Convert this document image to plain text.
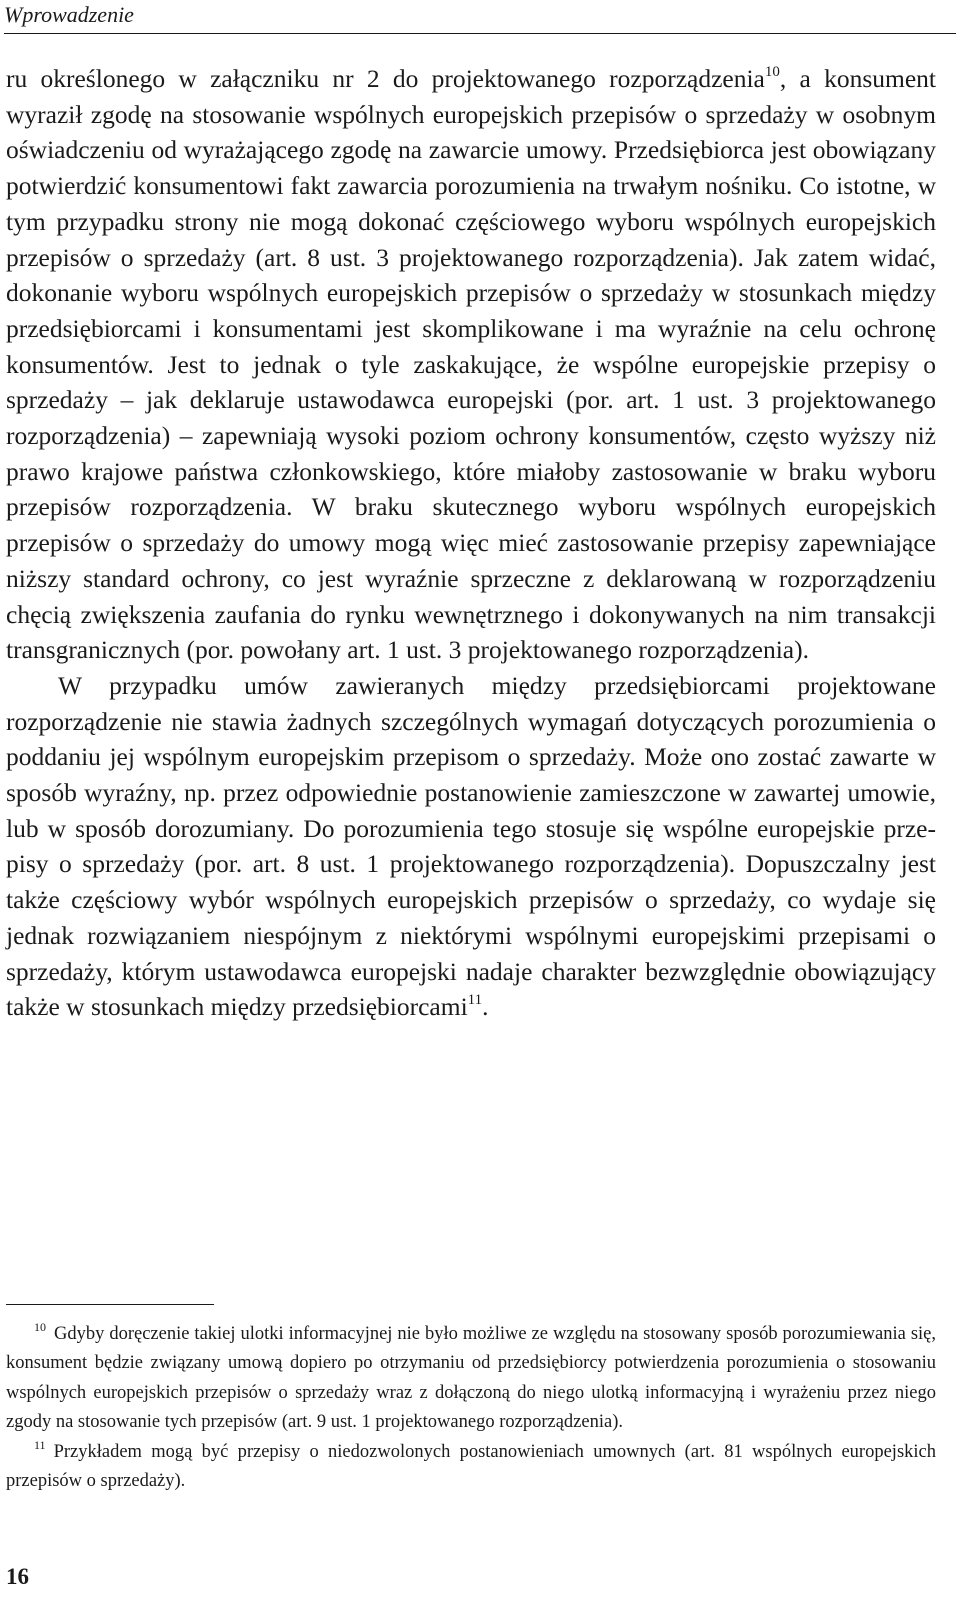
Wprowadzenie

ru określonego w załączniku nr 2 do projektowanego rozporządzenia$^{10}$, a konsument wyraził zgodę na stosowanie wspólnych europejskich przepisów o sprzedaży w osobnym oświadczeniu od wyrażającego zgodę na zawarcie umowy. Przedsiębiorca jest obowiązany potwierdzić konsumentowi fakt zawarcia porozumienia na trwałym nośniku. Co istotne, w tym przypadku strony nie mogą dokonać częściowego wyboru wspólnych europejskich przepisów o sprzedaży (art. 8 ust. 3 projektowanego rozporządzenia). Jak zatem widać, dokonanie wyboru wspólnych europejskich przepisów o sprzedaży w stosunkach między przedsiębiorcami i konsumentami jest skomplikowane i ma wyraźnie na celu ochronę konsumentów. Jest to jednak o tyle zaskakujące, że wspólne europejskie przepisy o sprzedaży – jak deklaruje ustawodawca europejski (por. art. 1 ust. 3 projektowanego rozporządzenia) – zapewniają wysoki poziom ochrony konsumentów, często wyższy niż prawo krajowe państwa członkowskiego, które miałoby zastosowanie w braku wyboru przepisów rozporządzenia. W braku skutecznego wyboru wspólnych europejskich przepisów o sprzedaży do umowy mogą więc mieć zastosowanie przepisy zapewniające niższy standard ochrony, co jest wyraźnie sprzeczne z deklarowaną w rozporządzeniu chęcią zwiększenia zaufania do rynku wewnętrznego i dokonywanych na nim transakcji transgranicznych (por. powołany art. 1 ust. 3 projektowanego rozporządzenia).

W przypadku umów zawieranych między przedsiębiorcami projektowane rozporządzenie nie stawia żadnych szczególnych wymagań dotyczących porozumienia o poddaniu jej wspólnym europejskim przepisom o sprzedaży. Może ono zostać zawarte w sposób wyraźny, np. przez odpowiednie postanowienie zamieszczone w zawartej umowie, lub w sposób dorozumiany. Do porozumienia tego stosuje się wspólne europejskie przepisy o sprzedaży (por. art. 8 ust. 1 projektowanego rozporządzenia). Dopuszczalny jest także częściowy wybór wspólnych europejskich przepisów o sprzedaży, co wydaje się jednak rozwiązaniem niespójnym z niektórymi wspólnymi europejskimi przepisami o sprzedaży, którym ustawodawca europejski nadaje charakter bezwzględnie obowiązujący także w stosunkach między przedsiębiorcami$^{11}$.

$^{10}$ Gdyby doręczenie takiej ulotki informacyjnej nie było możliwe ze względu na stosowany sposób porozumiewania się, konsument będzie związany umową dopiero po otrzymaniu od przedsiębiorcy potwierdzenia porozumienia o stosowaniu wspólnych europejskich przepisów o sprzedaży wraz z dołączoną do niego ulotką informacyjną i wyrażeniu przez niego zgody na stosowanie tych przepisów (art. 9 ust. 1 projektowanego rozporządzenia).

$^{11}$ Przykładem mogą być przepisy o niedozwolonych postanowieniach umownych (art. 81 wspólnych europejskich przepisów o sprzedaży).

16
